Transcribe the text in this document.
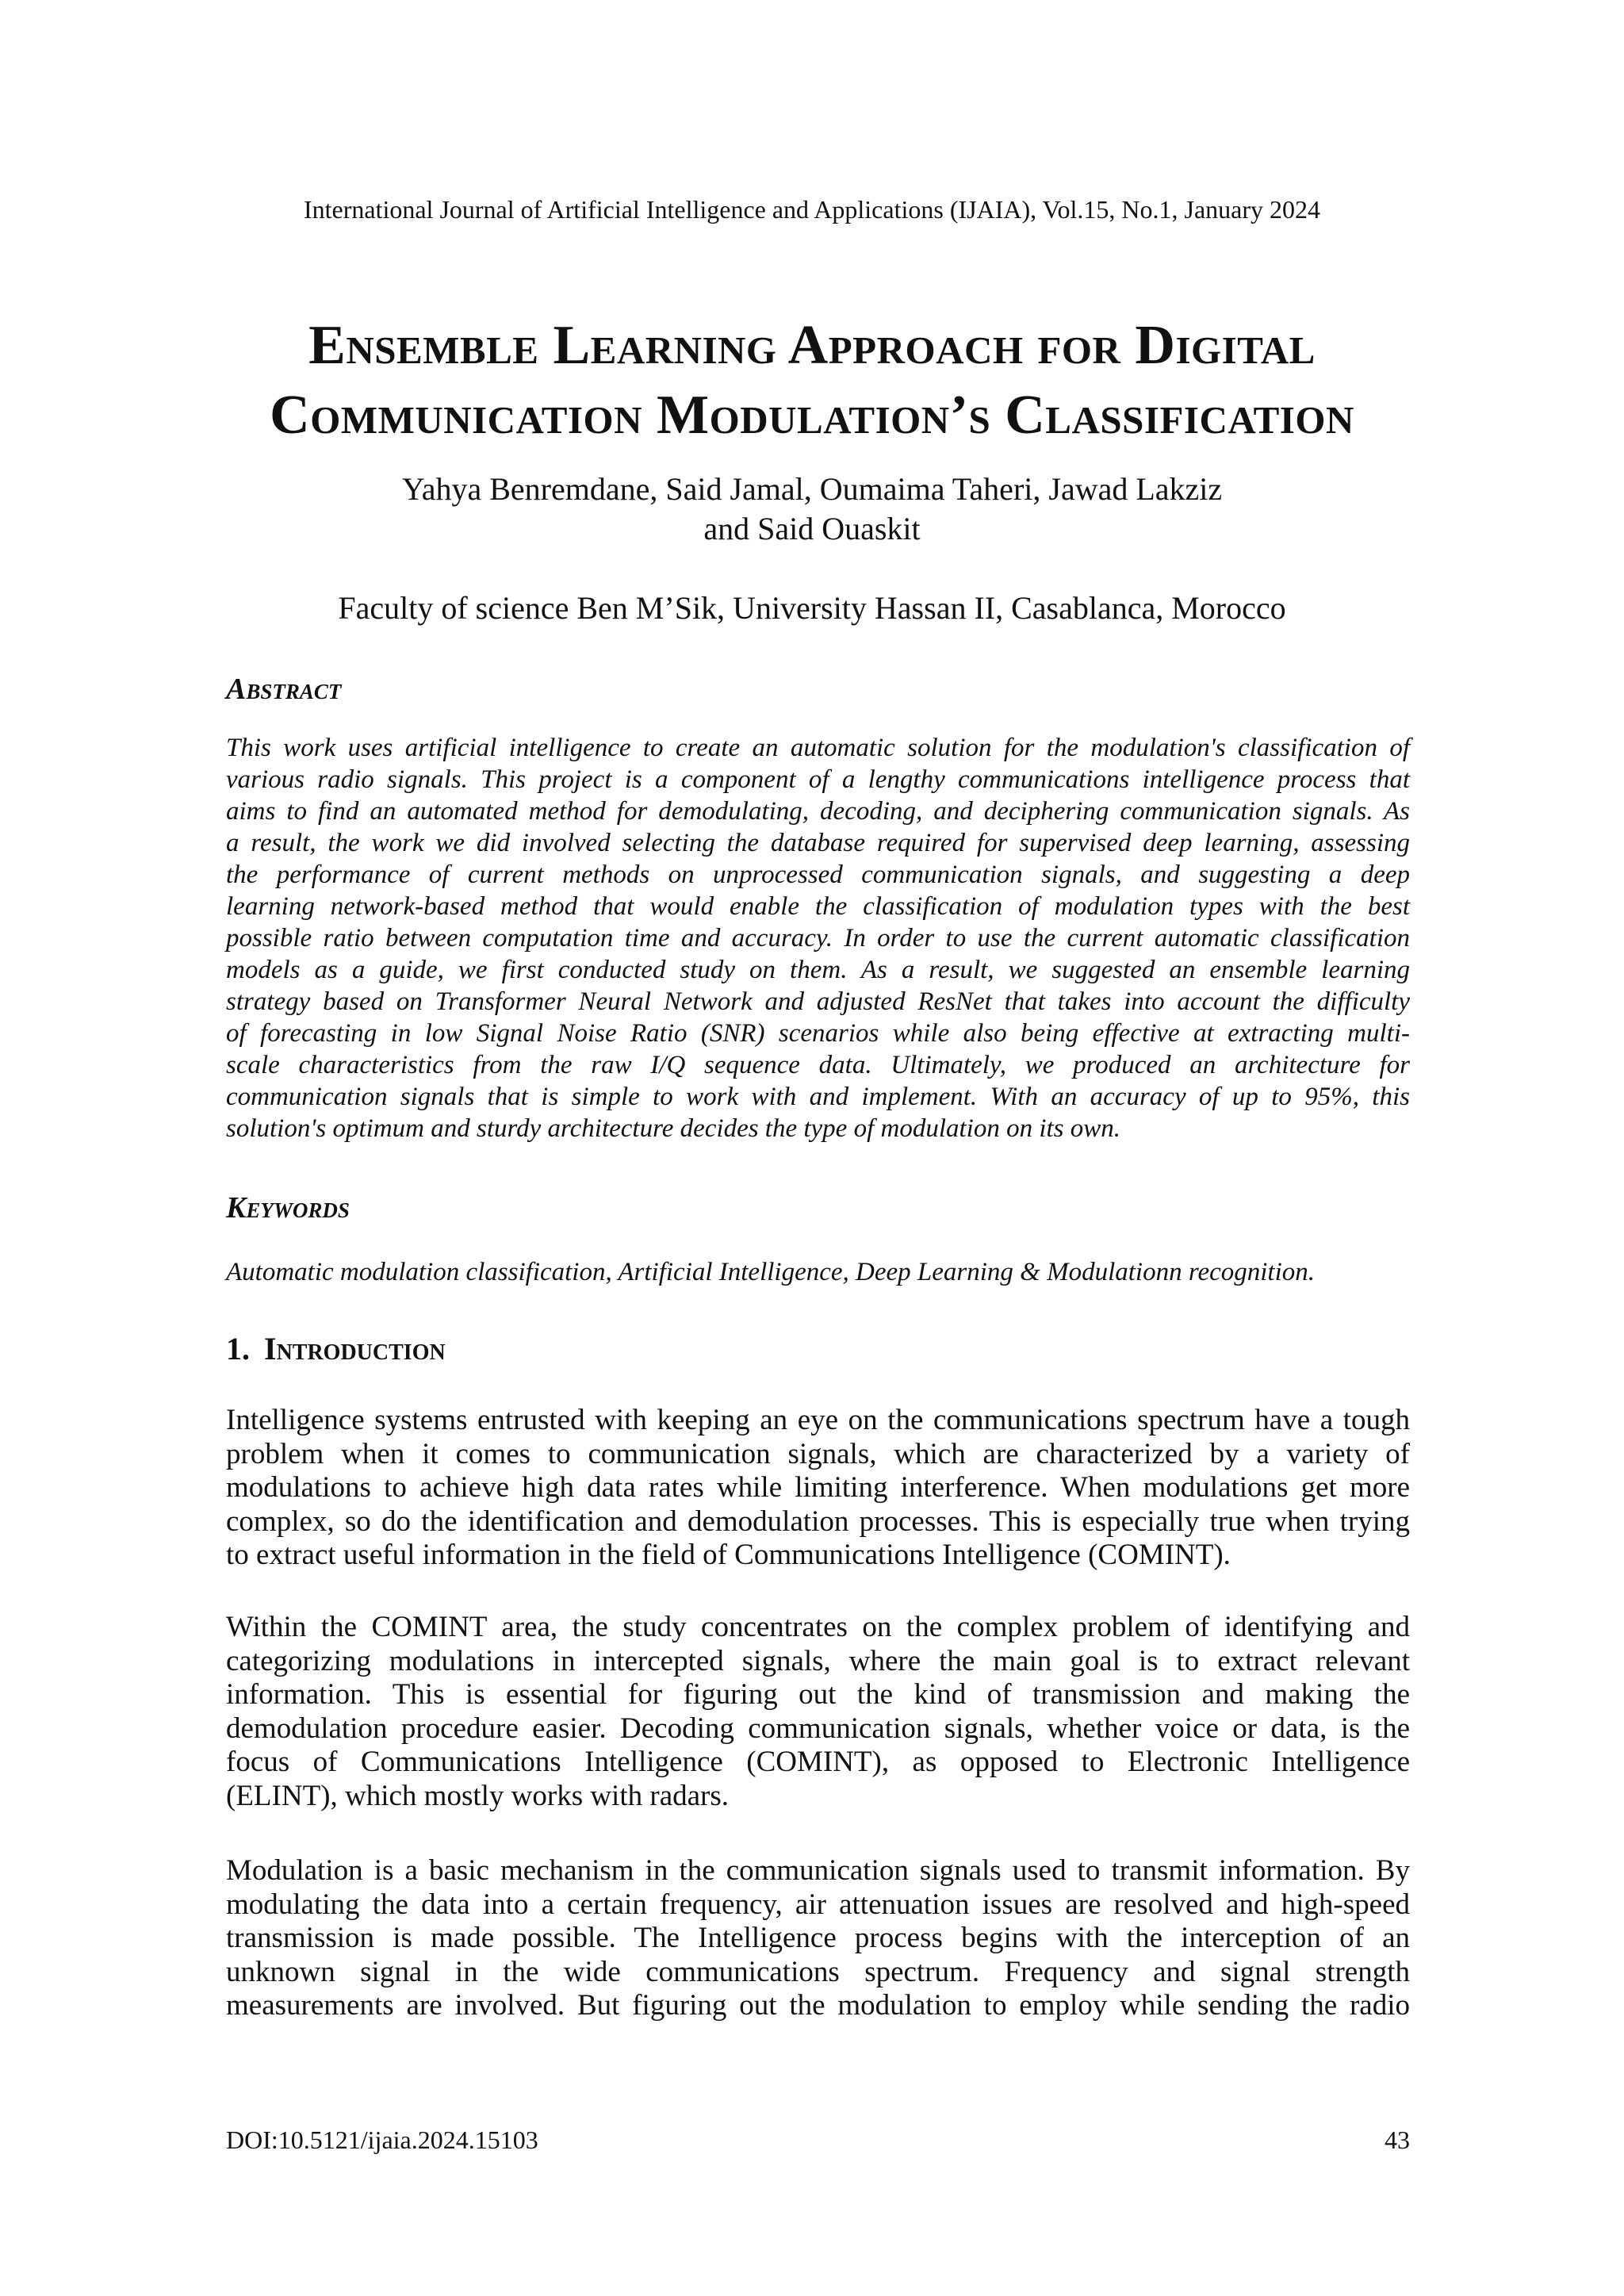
International Journal of Artificial Intelligence and Applications (IJAIA), Vol.15, No.1, January 2024
Ensemble Learning Approach for Digital
Communication Modulation’s Classification
Yahya Benremdane, Said Jamal, Oumaima Taheri, Jawad Lakziz
and Said Ouaskit
Faculty of science Ben M’Sik, University Hassan II, Casablanca, Morocco
Abstract
This work uses artificial intelligence to create an automatic solution for the modulation's classification of
various radio signals. This project is a component of a lengthy communications intelligence process that
aims to find an automated method for demodulating, decoding, and deciphering communication signals. As
a result, the work we did involved selecting the database required for supervised deep learning, assessing
the performance of current methods on unprocessed communication signals, and suggesting a deep
learning network-based method that would enable the classification of modulation types with the best
possible ratio between computation time and accuracy. In order to use the current automatic classification
models as a guide, we first conducted study on them. As a result, we suggested an ensemble learning
strategy based on Transformer Neural Network and adjusted ResNet that takes into account the difficulty
of forecasting in low Signal Noise Ratio (SNR) scenarios while also being effective at extracting multi-
scale characteristics from the raw I/Q sequence data. Ultimately, we produced an architecture for
communication signals that is simple to work with and implement. With an accuracy of up to 95%, this
solution's optimum and sturdy architecture decides the type of modulation on its own.
Keywords
Automatic modulation classification, Artificial Intelligence, Deep Learning & Modulationn recognition.
1. Introduction
Intelligence systems entrusted with keeping an eye on the communications spectrum have a tough
problem when it comes to communication signals, which are characterized by a variety of
modulations to achieve high data rates while limiting interference. When modulations get more
complex, so do the identification and demodulation processes. This is especially true when trying
to extract useful information in the field of Communications Intelligence (COMINT).
Within the COMINT area, the study concentrates on the complex problem of identifying and
categorizing modulations in intercepted signals, where the main goal is to extract relevant
information. This is essential for figuring out the kind of transmission and making the
demodulation procedure easier. Decoding communication signals, whether voice or data, is the
focus of Communications Intelligence (COMINT), as opposed to Electronic Intelligence
(ELINT), which mostly works with radars.
Modulation is a basic mechanism in the communication signals used to transmit information. By
modulating the data into a certain frequency, air attenuation issues are resolved and high-speed
transmission is made possible. The Intelligence process begins with the interception of an
unknown signal in the wide communications spectrum. Frequency and signal strength
measurements are involved. But figuring out the modulation to employ while sending the radio
DOI:10.5121/ijaia.2024.15103	43
